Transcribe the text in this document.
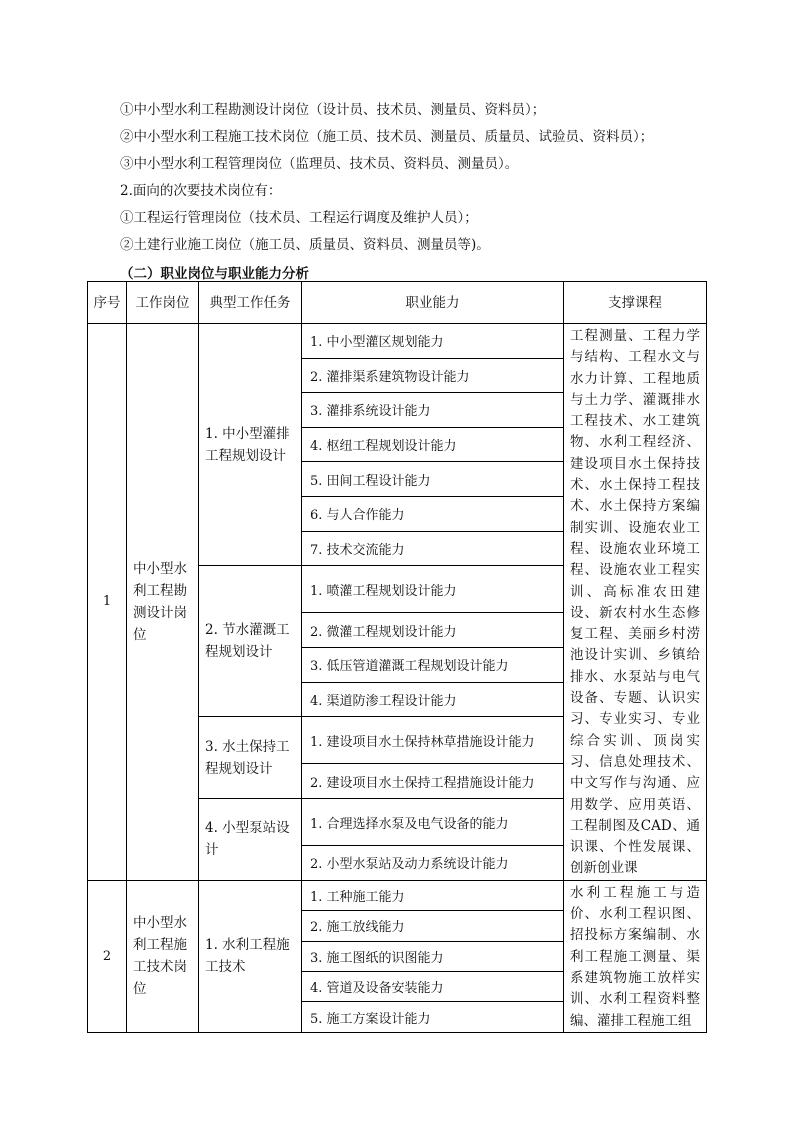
①中小型水利工程勘测设计岗位（设计员、技术员、测量员、资料员）；
②中小型水利工程施工技术岗位（施工员、技术员、测量员、质量员、试验员、资料员）；
③中小型水利工程管理岗位（监理员、技术员、资料员、测量员）。
2.面向的次要技术岗位有：
①工程运行管理岗位（技术员、工程运行调度及维护人员）；
②土建行业施工岗位（施工员、质量员、资料员、测量员等)。
（二）职业岗位与职业能力分析
序号	工作岗位	典型工作任务	职业能力	支撑课程
1	中小型水利工程勘测设计岗位	1. 中小型灌排工程规划设计	1. 中小型灌区规划能力	工程测量、工程力学与结构、工程水文与水力计算、工程地质与土力学、灌溉排水工程技术、水工建筑物、水利工程经济、建设项目水土保持技术、水土保持工程技术、水土保持方案编制实训、设施农业工程、设施农业环境工程、设施农业工程实训、高标准农田建设、新农村水生态修复工程、美丽乡村涝池设计实训、乡镇给排水、水泵站与电气设备、专题、认识实习、专业实习、专业综合实训、顶岗实习、信息处理技术、中文写作与沟通、应用数学、应用英语、工程制图及CAD、通识课、个性发展课、创新创业课
			2. 灌排渠系建筑物设计能力	
			3. 灌排系统设计能力	
			4. 枢纽工程规划设计能力	
			5. 田间工程设计能力	
			6. 与人合作能力	
			7. 技术交流能力	
		2. 节水灌溉工程规划设计	1. 喷灌工程规划设计能力	
			2. 微灌工程规划设计能力	
			3. 低压管道灌溉工程规划设计能力	
			4. 渠道防渗工程设计能力	
		3. 水土保持工程规划设计	1. 建设项目水土保持林草措施设计能力	
			2. 建设项目水土保持工程措施设计能力	
		4. 小型泵站设计	1. 合理选择水泵及电气设备的能力	
			2. 小型水泵站及动力系统设计能力	
2	中小型水利工程施工技术岗位	1. 水利工程施工技术	1. 工种施工能力	水利工程施工与造价、水利工程识图、招投标方案编制、水利工程施工测量、渠系建筑物施工放样实训、水利工程资料整编、灌排工程施工组
			2. 施工放线能力	
			3. 施工图纸的识图能力	
			4. 管道及设备安装能力	
			5. 施工方案设计能力	
